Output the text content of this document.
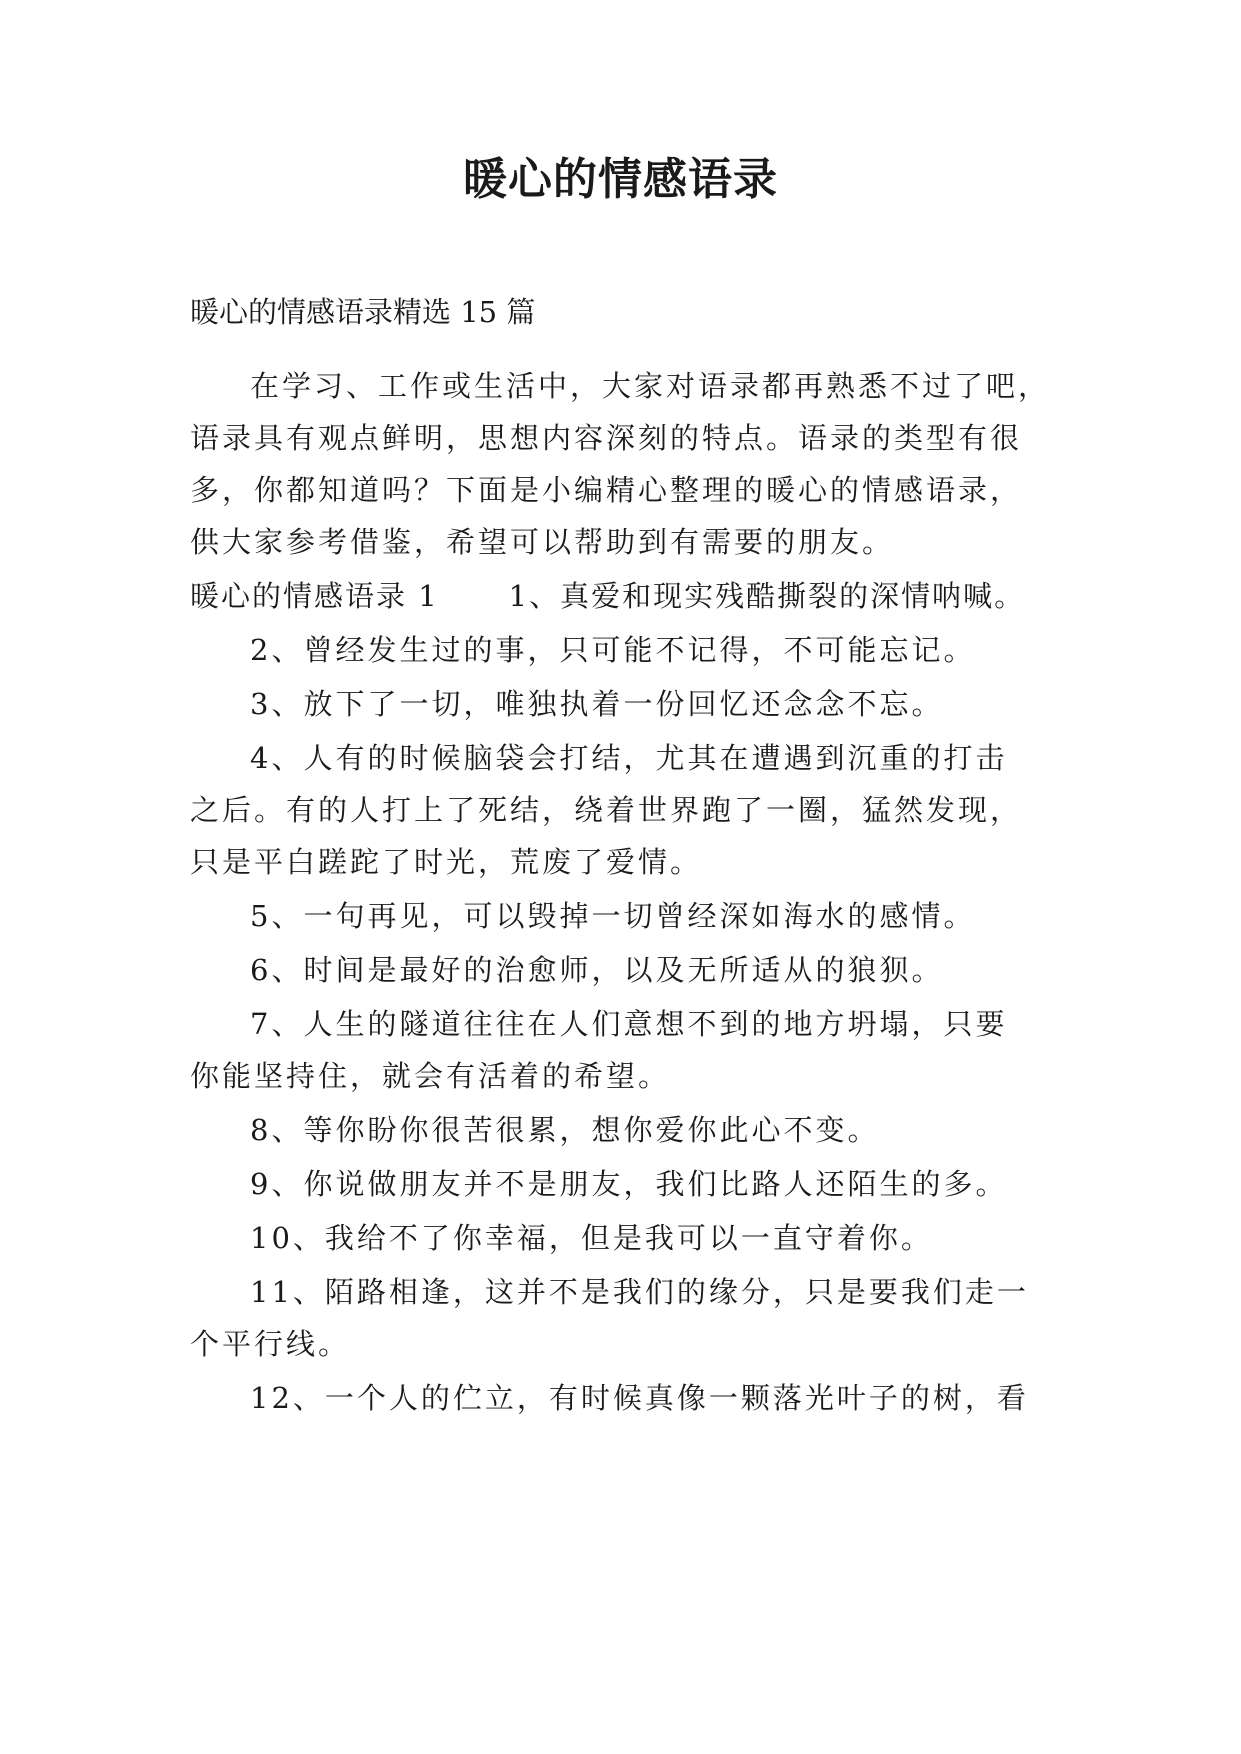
暖心的情感语录
暖心的情感语录精选 15 篇
在学习、工作或生活中，大家对语录都再熟悉不过了吧，
语录具有观点鲜明，思想内容深刻的特点。语录的类型有很
多，你都知道吗？下面是小编精心整理的暖心的情感语录，
供大家参考借鉴，希望可以帮助到有需要的朋友。
暖心的情感语录 1 1、真爱和现实残酷撕裂的深情呐喊。
2、曾经发生过的事，只可能不记得，不可能忘记。
3、放下了一切，唯独执着一份回忆还念念不忘。
4、人有的时候脑袋会打结，尤其在遭遇到沉重的打击
之后。有的人打上了死结，绕着世界跑了一圈，猛然发现，
只是平白蹉跎了时光，荒废了爱情。
5、一句再见，可以毁掉一切曾经深如海水的感情。
6、时间是最好的治愈师，以及无所适从的狼狈。
7、人生的隧道往往在人们意想不到的地方坍塌，只要
你能坚持住，就会有活着的希望。
8、等你盼你很苦很累，想你爱你此心不变。
9、你说做朋友并不是朋友，我们比路人还陌生的多。
10、我给不了你幸福，但是我可以一直守着你。
11、陌路相逢，这并不是我们的缘分，只是要我们走一
个平行线。
12、一个人的伫立，有时候真像一颗落光叶子的树，看
